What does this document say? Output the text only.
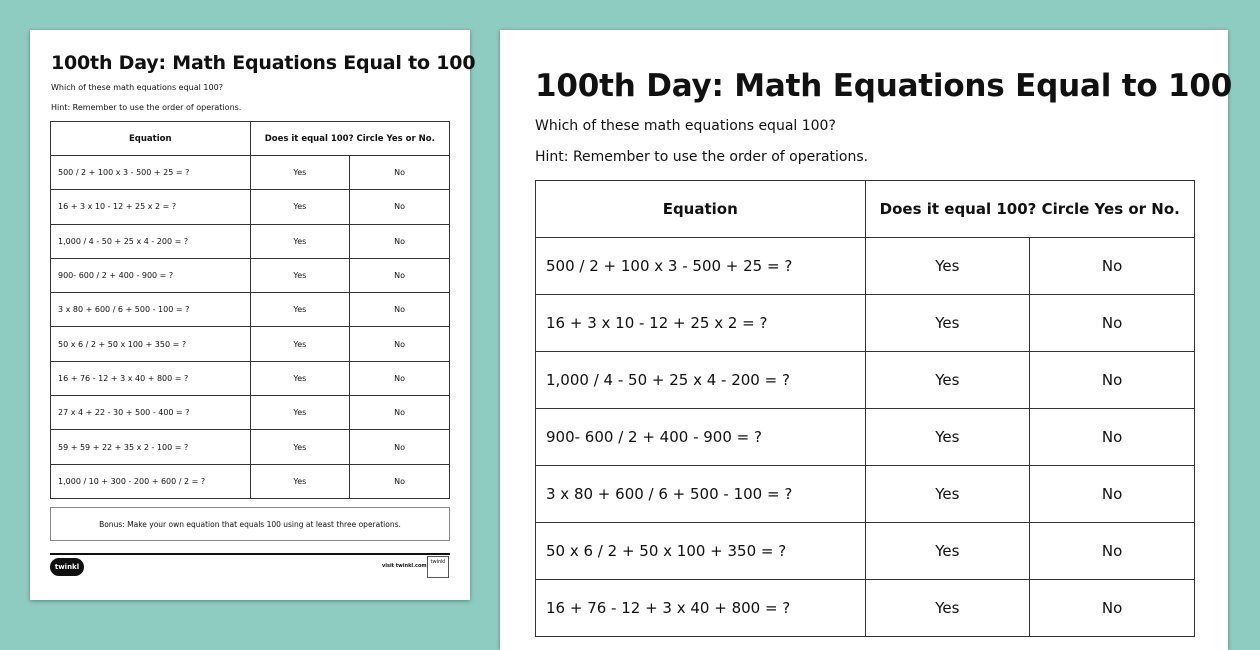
100th Day: Math Equations Equal to 100
Which of these math equations equal 100?
Hint: Remember to use the order of operations.
Equation	Does it equal 100? Circle Yes or No.	
500 / 2 + 100 x 3 - 500 + 25 = ?	Yes	No
16 + 3 x 10 - 12 + 25 x 2 = ?	Yes	No
1,000 / 4 - 50 + 25 x 4 - 200 = ?	Yes	No
900- 600 / 2 + 400 - 900 = ?	Yes	No
3 x 80 + 600 / 6 + 500 - 100 = ?	Yes	No
50 x 6 / 2 + 50 x 100 + 350 = ?	Yes	No
16 + 76 - 12 + 3 x 40 + 800 = ?	Yes	No
27 x 4 + 22 - 30 + 500 - 400 = ?	Yes	No
59 + 59 + 22 + 35 x 2 - 100 = ?	Yes	No
1,000 / 10 + 300 - 200 + 600 / 2 = ?	Yes	No
Bonus: Make your own equation that equals 100 using at least three operations.
twinkl	visit twinkl.com
twinkl
100th Day: Math Equations Equal to 100
Which of these math equations equal 100?
Hint: Remember to use the order of operations.
Equation	Does it equal 100? Circle Yes or No.	
500 / 2 + 100 x 3 - 500 + 25 = ?	Yes	No
16 + 3 x 10 - 12 + 25 x 2 = ?	Yes	No
1,000 / 4 - 50 + 25 x 4 - 200 = ?	Yes	No
900- 600 / 2 + 400 - 900 = ?	Yes	No
3 x 80 + 600 / 6 + 500 - 100 = ?	Yes	No
50 x 6 / 2 + 50 x 100 + 350 = ?	Yes	No
16 + 76 - 12 + 3 x 40 + 800 = ?	Yes	No
